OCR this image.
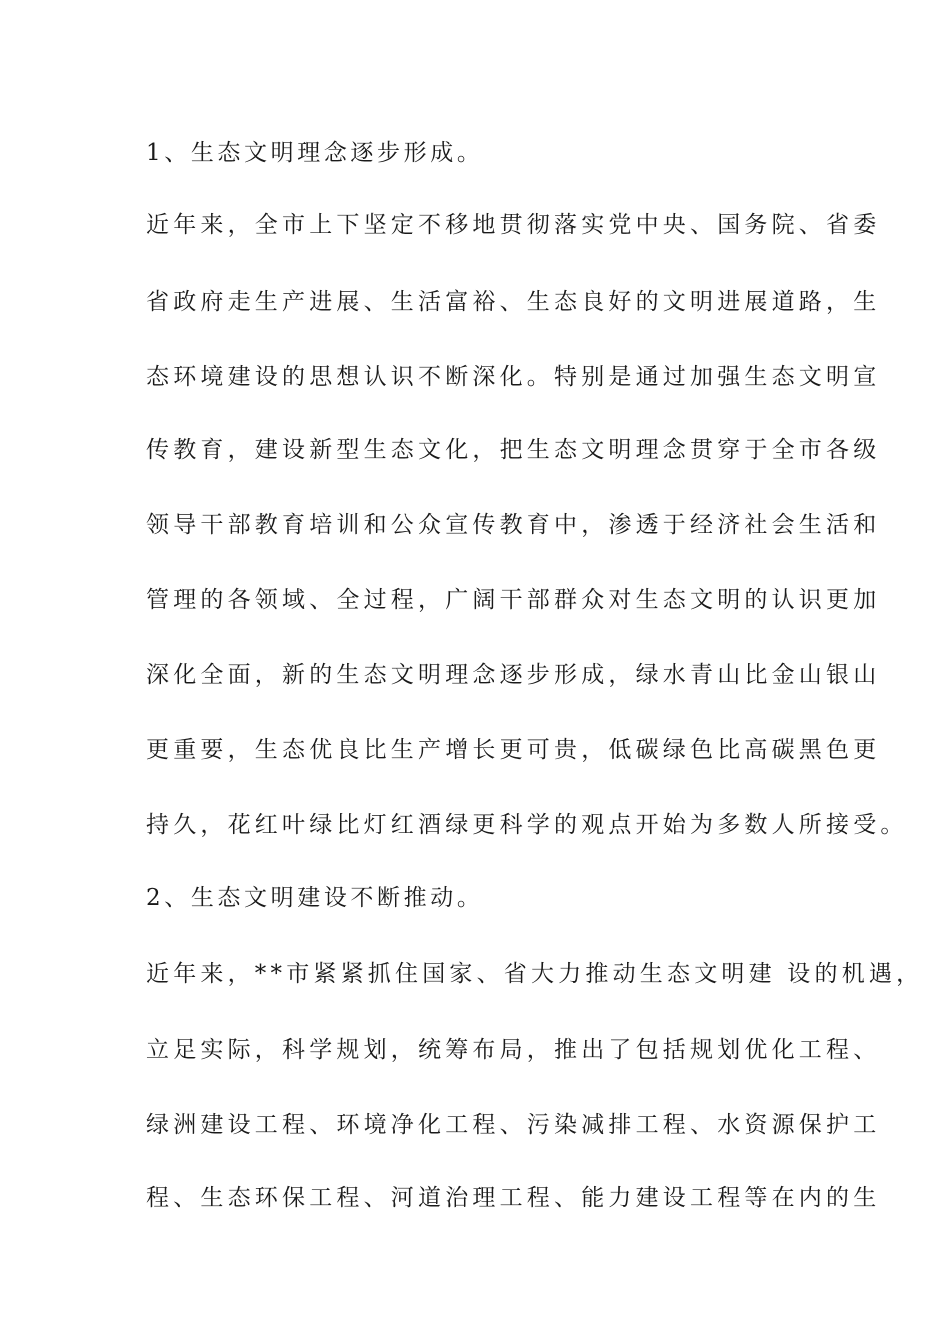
1、生态文明理念逐步形成。
近年来，全市上下坚定不移地贯彻落实党中央、国务院、省委
省政府走生产进展、生活富裕、生态良好的文明进展道路，生
态环境建设的思想认识不断深化。特别是通过加强生态文明宣
传教育，建设新型生态文化，把生态文明理念贯穿于全市各级
领导干部教育培训和公众宣传教育中，渗透于经济社会生活和
管理的各领域、全过程，广阔干部群众对生态文明的认识更加
深化全面，新的生态文明理念逐步形成，绿水青山比金山银山
更重要，生态优良比生产增长更可贵，低碳绿色比高碳黑色更
持久，花红叶绿比灯红酒绿更科学的观点开始为多数人所接受。
2、生态文明建设不断推动。
近年来，**市紧紧抓住国家、省大力推动生态文明建 设的机遇，
立足实际，科学规划，统筹布局，推出了包括规划优化工程、
绿洲建设工程、环境净化工程、污染减排工程、水资源保护工
程、生态环保工程、河道治理工程、能力建设工程等在内的生
